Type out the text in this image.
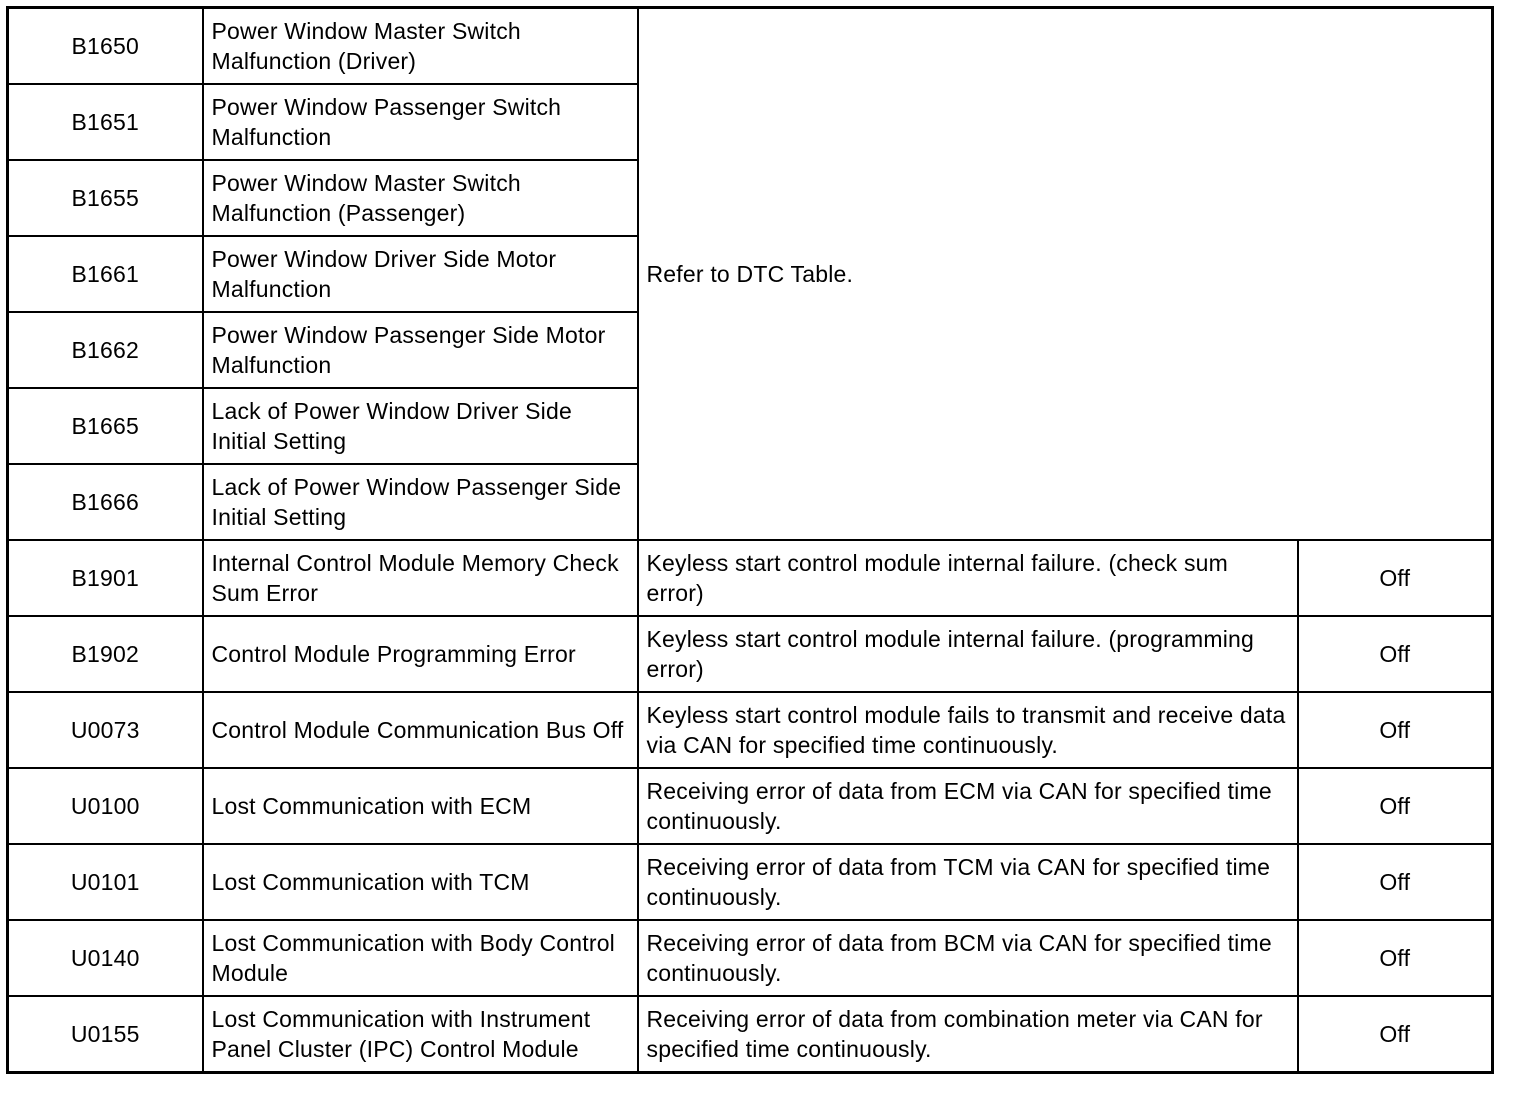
B1650	Power Window Master Switch Malfunction (Driver)	Refer to DTC Table.	
B1651	Power Window Passenger Switch Malfunction		
B1655	Power Window Master Switch Malfunction (Passenger)		
B1661	Power Window Driver Side Motor Malfunction		
B1662	Power Window Passenger Side Motor Malfunction		
B1665	Lack of Power Window Driver Side Initial Setting		
B1666	Lack of Power Window Passenger Side Initial Setting		
B1901	Internal Control Module Memory Check Sum Error	Keyless start control module internal failure. (check sum error)	Off
B1902	Control Module Programming Error	Keyless start control module internal failure. (programming error)	Off
U0073	Control Module Communication Bus Off	Keyless start control module fails to transmit and receive data via CAN for specified time continuously.	Off
U0100	Lost Communication with ECM	Receiving error of data from ECM via CAN for specified time continuously.	Off
U0101	Lost Communication with TCM	Receiving error of data from TCM via CAN for specified time continuously.	Off
U0140	Lost Communication with Body Control Module	Receiving error of data from BCM via CAN for specified time continuously.	Off
U0155	Lost Communication with Instrument Panel Cluster (IPC) Control Module	Receiving error of data from combination meter via CAN for specified time continuously.	Off
